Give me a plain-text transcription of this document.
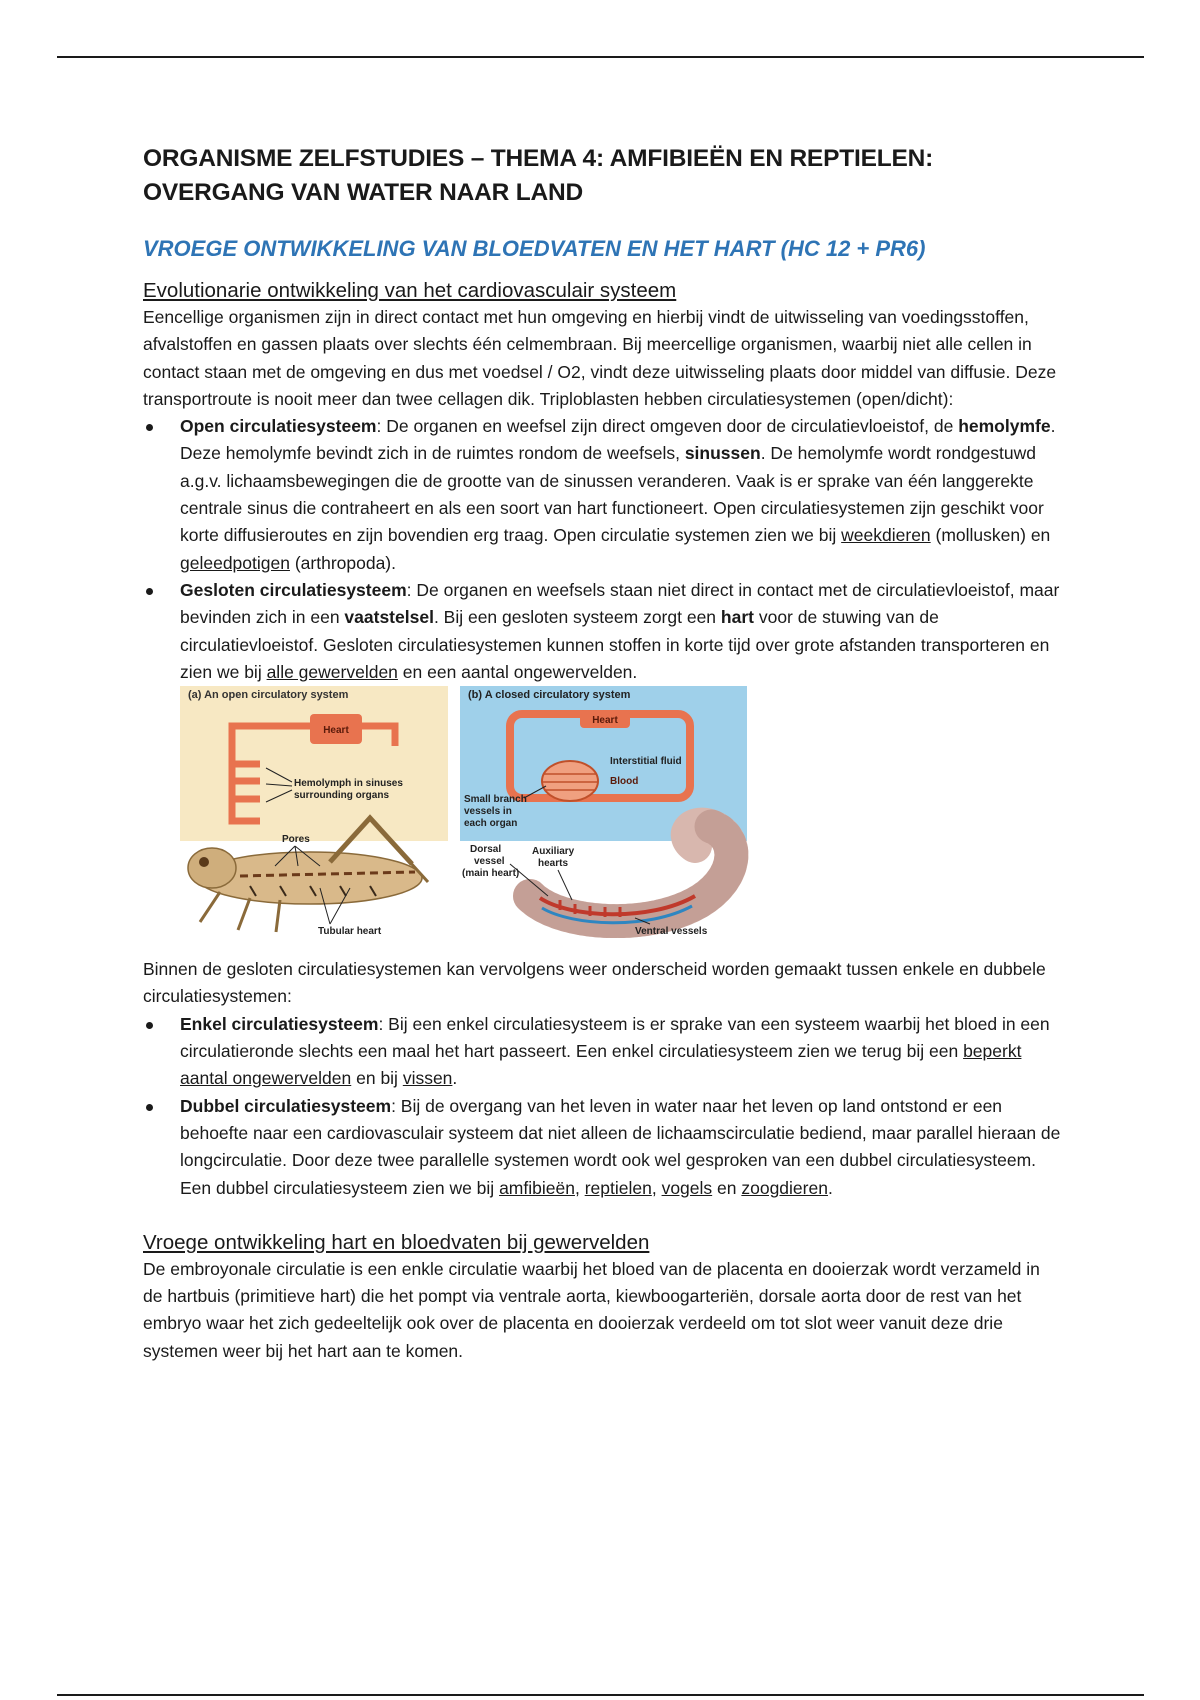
ORGANISME ZELFSTUDIES – THEMA 4: AMFIBIEËN EN REPTIELEN: OVERGANG VAN WATER NAAR LAND
VROEGE ONTWIKKELING VAN BLOEDVATEN EN HET HART (HC 12 + PR6)
Evolutionarie ontwikkeling van het cardiovasculair systeem

Eencellige organismen zijn in direct contact met hun omgeving en hierbij vindt de uitwisseling van voedingsstoffen, afvalstoffen en gassen plaats over slechts één celmembraan. Bij meercellige organismen, waarbij niet alle cellen in contact staan met de omgeving en dus met voedsel / O2, vindt deze uitwisseling plaats door middel van diffusie. Deze transportroute is nooit meer dan twee cellagen dik. Triploblasten hebben circulatiesystemen (open/dicht):

Open circulatiesysteem: De organen en weefsel zijn direct omgeven door de circulatievloeistof, de hemolymfe. Deze hemolymfe bevindt zich in de ruimtes rondom de weefsels, sinussen. De hemolymfe wordt rondgestuwd a.g.v. lichaamsbewegingen die de grootte van de sinussen veranderen. Vaak is er sprake van één langgerekte centrale sinus die contraheert en als een soort van hart functioneert. Open circulatiesystemen zijn geschikt voor korte diffusieroutes en zijn bovendien erg traag. Open circulatie systemen zien we bij weekdieren (mollusken) en geleedpotigen (arthropoda).
Gesloten circulatiesysteem: De organen en weefsels staan niet direct in contact met de circulatievloeistof, maar bevinden zich in een vaatstelsel. Bij een gesloten systeem zorgt een hart voor de stuwing van de circulatievloeistof. Gesloten circulatiesystemen kunnen stoffen in korte tijd over grote afstanden transporteren en zien we bij alle gewervelden en een aantal ongewervelden.
(a) An open circulatory system
Heart
Hemolymph in sinuses
surrounding organs
Pores
Tubular heart
(b) A closed circulatory system
Heart
Interstitial fluid
Blood
Small branch
vessels in
each organ
Dorsal
vessel
(main heart)
Auxiliary
hearts
Ventral vessels

Binnen de gesloten circulatiesystemen kan vervolgens weer onderscheid worden gemaakt tussen enkele en dubbele circulatiesystemen:

Enkel circulatiesysteem: Bij een enkel circulatiesysteem is er sprake van een systeem waarbij het bloed in een circulatieronde slechts een maal het hart passeert. Een enkel circulatiesysteem zien we terug bij een beperkt aantal ongewervelden en bij vissen.
Dubbel circulatiesysteem: Bij de overgang van het leven in water naar het leven op land ontstond er een behoefte naar een cardiovasculair systeem dat niet alleen de lichaamscirculatie bediend, maar parallel hieraan de longcirculatie. Door deze twee parallelle systemen wordt ook wel gesproken van een dubbel circulatiesysteem. Een dubbel circulatiesysteem zien we bij amfibieën, reptielen, vogels en zoogdieren.
Vroege ontwikkeling hart en bloedvaten bij gewervelden

De embroyonale circulatie is een enkle circulatie waarbij het bloed van de placenta en dooierzak wordt verzameld in de hartbuis (primitieve hart) die het pompt via ventrale aorta, kiewboogarteriën, dorsale aorta door de rest van het embryo waar het zich gedeeltelijk ook over de placenta en dooierzak verdeeld om tot slot weer vanuit deze drie systemen weer bij het hart aan te komen.
